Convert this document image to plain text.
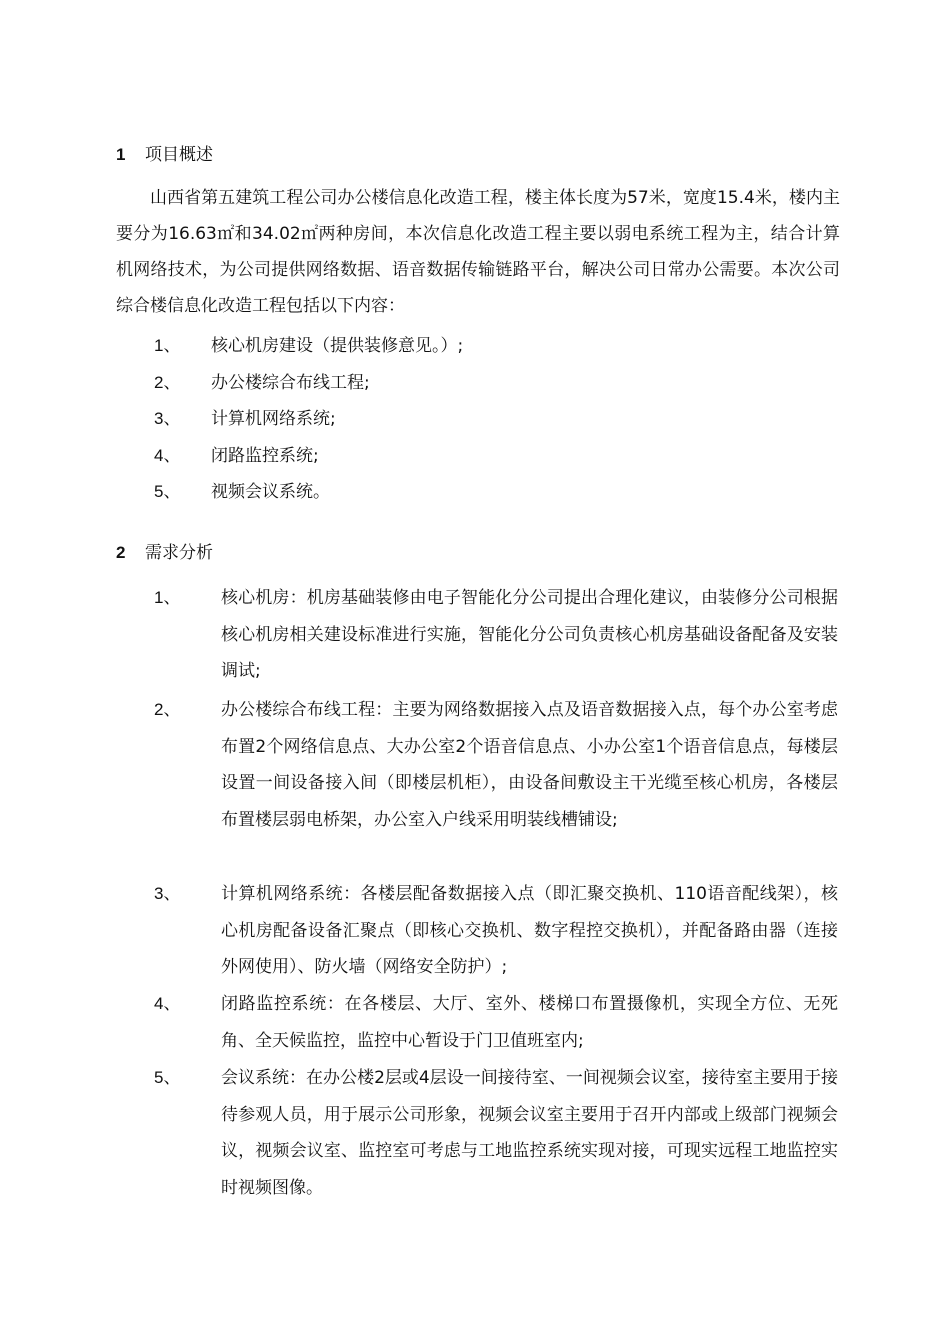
1 项目概述

山西省第五建筑工程公司办公楼信息化改造工程，楼主体长度为57米，宽度15.4米，楼内主要分为16.63㎡和34.02㎡两种房间，本次信息化改造工程主要以弱电系统工程为主，结合计算机网络技术，为公司提供网络数据、语音数据传输链路平台，解决公司日常办公需要。本次公司综合楼信息化改造工程包括以下内容：

1、 核心机房建设（提供装修意见。）;
2、 办公楼综合布线工程;
3、 计算机网络系统;
4、 闭路监控系统;
5、 视频会议系统。
2 需求分析
1、 核心机房：机房基础装修由电子智能化分公司提出合理化建议，由装修分公司根据核心机房相关建设标准进行实施，智能化分公司负责核心机房基础设备配备及安装调试;
2、 办公楼综合布线工程：主要为网络数据接入点及语音数据接入点，每个办公室考虑布置2个网络信息点、大办公室2个语音信息点、小办公室1个语音信息点，每楼层设置一间设备接入间（即楼层机柜），由设备间敷设主干光缆至核心机房，各楼层布置楼层弱电桥架，办公室入户线采用明装线槽铺设;
3、 计算机网络系统：各楼层配备数据接入点（即汇聚交换机、110语音配线架），核心机房配备设备汇聚点（即核心交换机、数字程控交换机），并配备路由器（连接外网使用）、防火墙（网络安全防护）;
4、 闭路监控系统：在各楼层、大厅、室外、楼梯口布置摄像机，实现全方位、无死角、全天候监控，监控中心暂设于门卫值班室内;
5、 会议系统：在办公楼2层或4层设一间接待室、一间视频会议室，接待室主要用于接待参观人员，用于展示公司形象，视频会议室主要用于召开内部或上级部门视频会议，视频会议室、监控室可考虑与工地监控系统实现对接，可现实远程工地监控实时视频图像。
